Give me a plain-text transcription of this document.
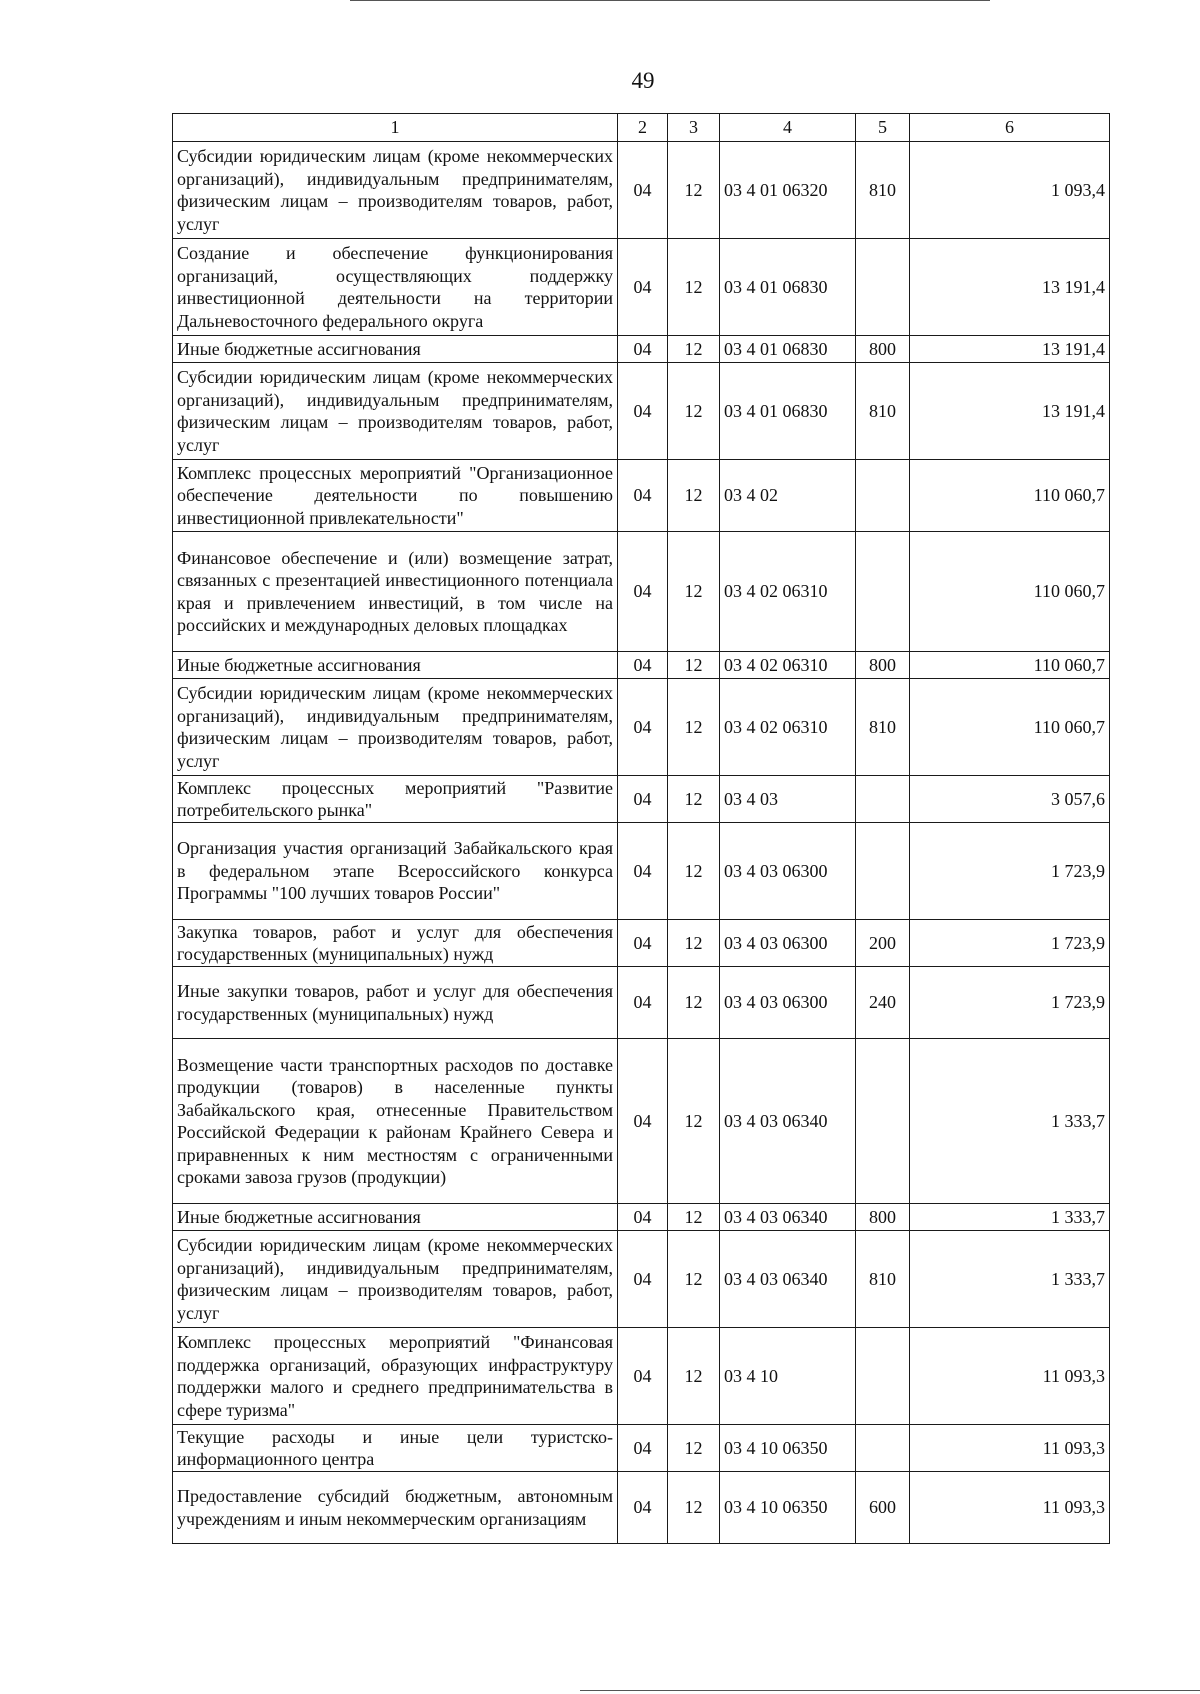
49
1	2	3	4	5	6
Субсидии юридическим лицам (кроме некоммерческих организаций), индивидуальным предпринимателям, физическим лицам – производителям товаров, работ, услуг	04	12	03 4 01 06320	810	1 093,4
Создание и обеспечение функционирования организаций, осуществляющих поддержку инвестиционной деятельности на территории Дальневосточного федерального округа	04	12	03 4 01 06830		13 191,4
Иные бюджетные ассигнования	04	12	03 4 01 06830	800	13 191,4
Субсидии юридическим лицам (кроме некоммерческих организаций), индивидуальным предпринимателям, физическим лицам – производителям товаров, работ, услуг	04	12	03 4 01 06830	810	13 191,4
Комплекс процессных мероприятий "Организационное обеспечение деятельности по повышению инвестиционной привлекательности"	04	12	03 4 02		110 060,7
Финансовое обеспечение и (или) возмещение затрат, связанных с презентацией инвестиционного потенциала края и привлечением инвестиций, в том числе на российских и международных деловых площадках	04	12	03 4 02 06310		110 060,7
Иные бюджетные ассигнования	04	12	03 4 02 06310	800	110 060,7
Субсидии юридическим лицам (кроме некоммерческих организаций), индивидуальным предпринимателям, физическим лицам – производителям товаров, работ, услуг	04	12	03 4 02 06310	810	110 060,7
Комплекс процессных мероприятий "Развитие потребительского рынка"	04	12	03 4 03		3 057,6
Организация участия организаций Забайкальского края в федеральном этапе Всероссийского конкурса Программы "100 лучших товаров России"	04	12	03 4 03 06300		1 723,9
Закупка товаров, работ и услуг для обеспечения государственных (муниципальных) нужд	04	12	03 4 03 06300	200	1 723,9
Иные закупки товаров, работ и услуг для обеспечения государственных (муниципальных) нужд	04	12	03 4 03 06300	240	1 723,9
Возмещение части транспортных расходов по доставке продукции (товаров) в населенные пункты Забайкальского края, отнесенные Правительством Российской Федерации к районам Крайнего Севера и приравненных к ним местностям с ограниченными сроками завоза грузов (продукции)	04	12	03 4 03 06340		1 333,7
Иные бюджетные ассигнования	04	12	03 4 03 06340	800	1 333,7
Субсидии юридическим лицам (кроме некоммерческих организаций), индивидуальным предпринимателям, физическим лицам – производителям товаров, работ, услуг	04	12	03 4 03 06340	810	1 333,7
Комплекс процессных мероприятий "Финансовая поддержка организаций, образующих инфраструктуру поддержки малого и среднего предпринимательства в сфере туризма"	04	12	03 4 10		11 093,3
Текущие расходы и иные цели туристско-информационного центра	04	12	03 4 10 06350		11 093,3
Предоставление субсидий бюджетным, автономным учреждениям и иным некоммерческим организациям	04	12	03 4 10 06350	600	11 093,3
